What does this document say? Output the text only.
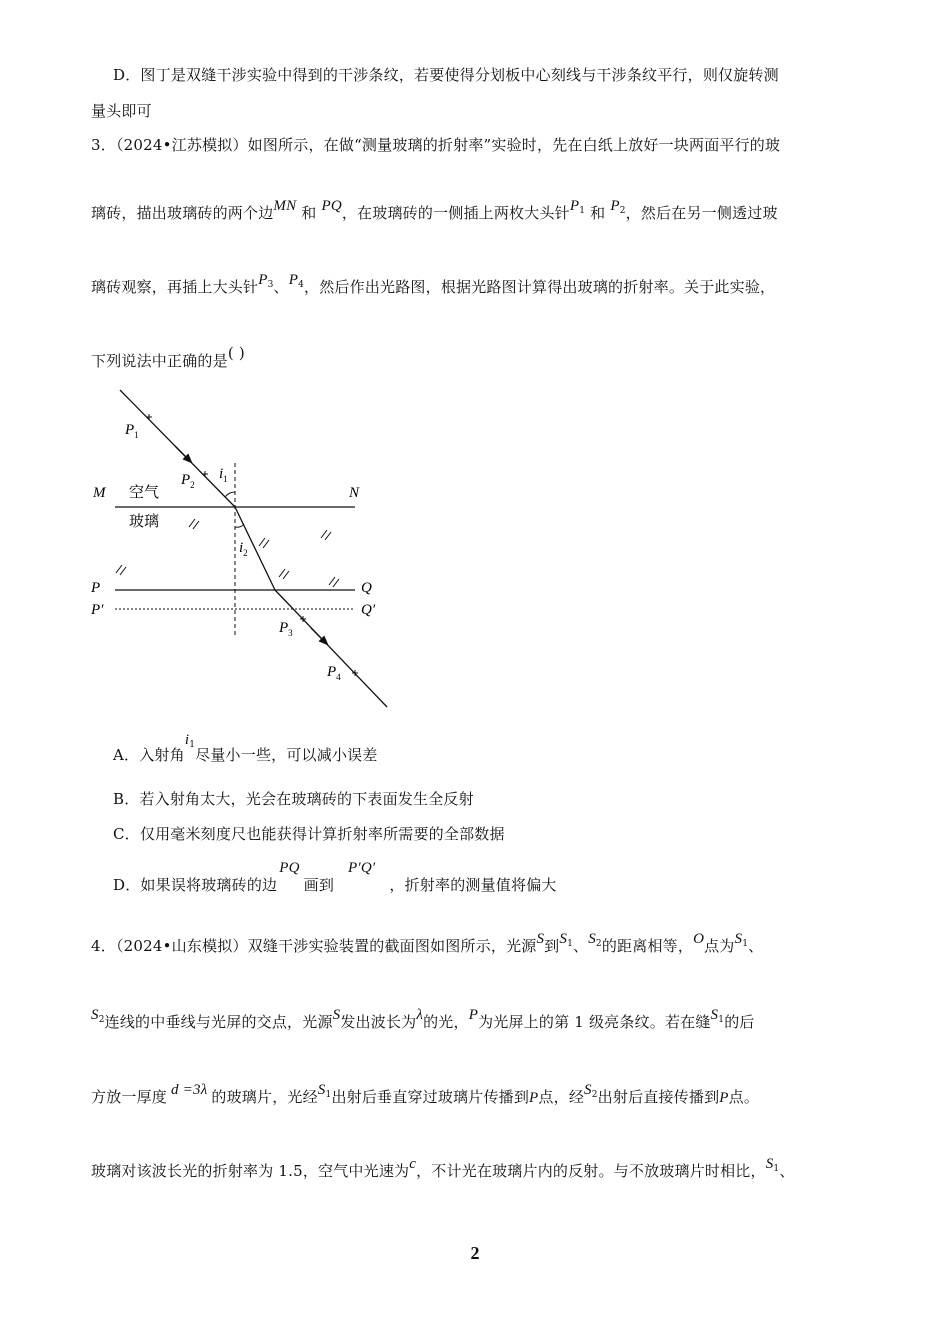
D．图丁是双缝干涉实验中得到的干涉条纹，若要使得分划板中心刻线与干涉条纹平行，则仅旋转测
量头即可
3．（2024•江苏模拟）如图所示，在做“测量玻璃的折射率”实验时，先在白纸上放好一块两面平行的玻
璃砖，描出玻璃砖的两个边MN 和 PQ，在玻璃砖的一侧插上两枚大头针$P_1$ 和 $P_2$，然后在另一侧透过玻
璃砖观察，再插上大头针$P_3$、$P_4$，然后作出光路图，根据光路图计算得出玻璃的折射率。关于此实验，
下列说法中正确的是( )
M	N
P	Q
P′	Q′
空气
玻璃
$P_1$
$P_2$
$P_3$
$P_4$
$i_1$
$i_2$
A．入射角$i_1$尽量小一些，可以减小误差
B．若入射角太大，光会在玻璃砖的下表面发生全反射
C．仅用毫米刻度尺也能获得计算折射率所需要的全部数据
D．如果误将玻璃砖的边PQ画到P′Q′，折射率的测量值将偏大
4．（2024•山东模拟）双缝干涉实验装置的截面图如图所示，光源S到$S_1$、$S_2$的距离相等，O点为$S_1$、
$S_2$连线的中垂线与光屏的交点，光源S发出波长为λ的光，P为光屏上的第 1 级亮条纹。若在缝$S_1$的后
方放一厚度 d =3λ 的玻璃片，光经$S_1$出射后垂直穿过玻璃片传播到P点，经$S_2$出射后直接传播到P点。
玻璃对该波长光的折射率为 1.5，空气中光速为c，不计光在玻璃片内的反射。与不放玻璃片时相比，$S_1$、
2
